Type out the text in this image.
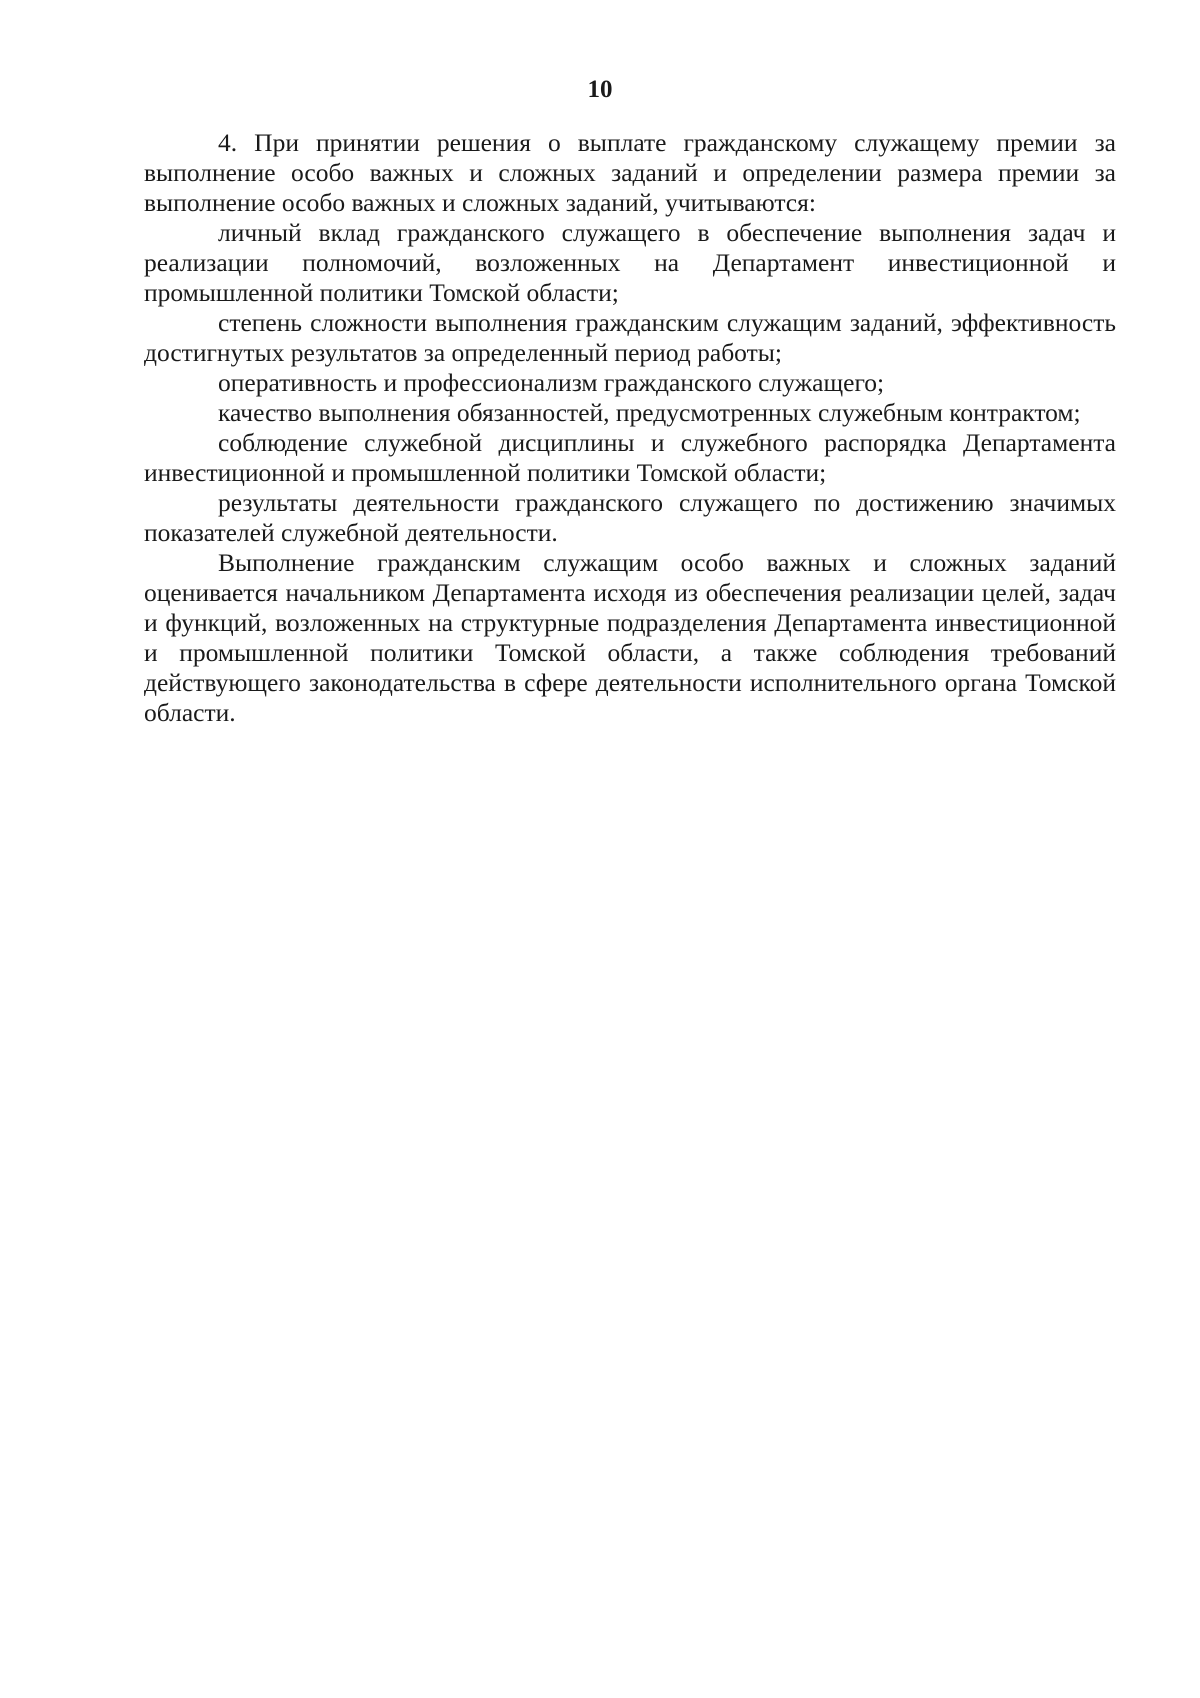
10

4. При принятии решения о выплате гражданскому служащему премии за выполнение особо важных и сложных заданий и определении размера премии за выполнение особо важных и сложных заданий, учитываются:

личный вклад гражданского служащего в обеспечение выполнения задач и реализации полномочий, возложенных на Департамент инвестиционной и промышленной политики Томской области;

степень сложности выполнения гражданским служащим заданий, эффективность достигнутых результатов за определенный период работы;

оперативность и профессионализм гражданского служащего;

качество выполнения обязанностей, предусмотренных служебным контрактом;

соблюдение служебной дисциплины и служебного распорядка Департамента инвестиционной и промышленной политики Томской области;

результаты деятельности гражданского служащего по достижению значимых показателей служебной деятельности.

Выполнение гражданским служащим особо важных и сложных заданий оценивается начальником Департамента исходя из обеспечения реализации целей, задач и функций, возложенных на структурные подразделения Департамента инвестиционной и промышленной политики Томской области, а также соблюдения требований действующего законодательства в сфере деятельности исполнительного органа Томской области.
